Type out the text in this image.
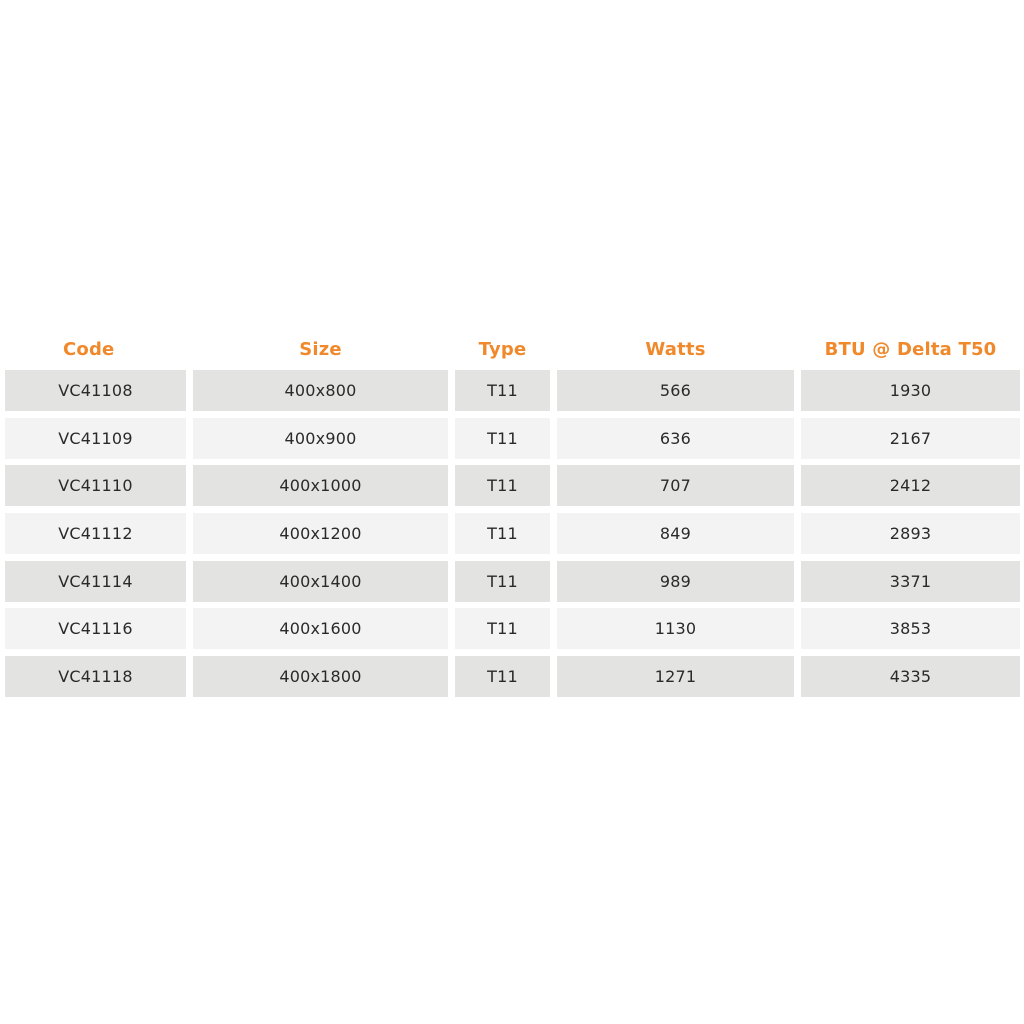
Code	Size	Type	Watts	BTU @ Delta T50
VC41108	400x800	T11	566	1930
VC41109	400x900	T11	636	2167
VC41110	400x1000	T11	707	2412
VC41112	400x1200	T11	849	2893
VC41114	400x1400	T11	989	3371
VC41116	400x1600	T11	1130	3853
VC41118	400x1800	T11	1271	4335
